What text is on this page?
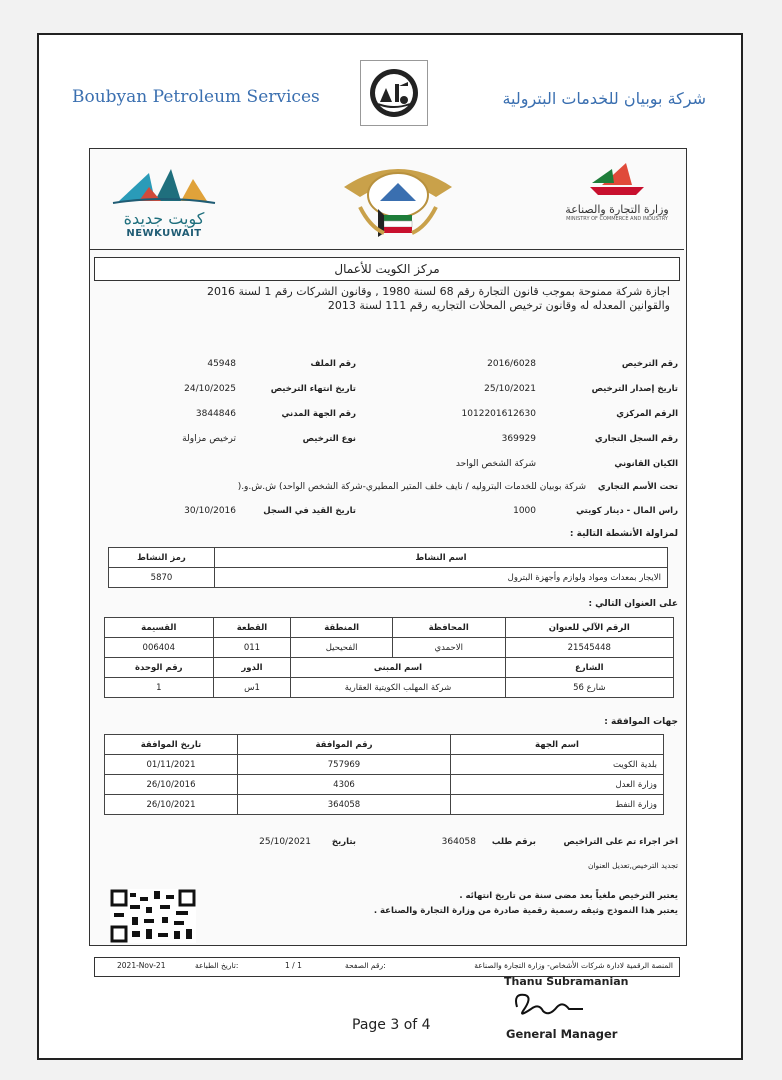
Boubyan Petroleum Services	شركة بوبيان للخدمات البترولية
كويت جديدة
NEWKUWAIT
وزارة التجارة والصناعة
MINISTRY OF COMMERCE AND INDUSTRY
مركز الكويت للأعمال
اجازة شركة ممنوحة بموجب قانون التجارة رقم 68 لسنة 1980 , وقانون الشركات رقم 1 لسنة 2016
والقوانين المعدله له وقانون ترخيص المحلات التجاريه رقم 111 لسنة 2013
رقم الترخيص
2016/6028
رقم الملف
45948
تاريخ إصدار الترخيص
25/10/2021
تاريخ انتهاء الترخيص
24/10/2025
الرقم المركزي
1012201612630
رقم الجهة المدني
3844846
رقم السجل التجاري
369929
نوع الترخيص
ترخيص مزاولة
الكيان القانوني
شركة الشخص الواحد
تحت الأسم التجاري
شركة بوبيان للخدمات البتروليه / نايف خلف المتير المطيري-شركة الشخص الواحد) ش.ش.و.(
راس المال - دينار كويتي
1000
تاريخ القيد في السجل
30/10/2016
لمزاولة الأنشطة التالية :
اسم النشاط	رمز النشاط
الايجار بمعدات ومواد ولوازم وأجهزة البترول	5870
على العنوان التالي :
الرقم الآلي للعنوان	المحافظة	المنطقة	القطعة	القسيمة
21545448	الاحمدي	الفحيحيل	011	006404
الشارع	اسم المبنى		الدور	رقم الوحدة
شارع 56	شركة المهلب الكويتية العقارية		1س	1
جهات الموافقة :
اسم الجهة	رقم الموافقة	تاريخ الموافقة
بلدية الكويت	757969	01/11/2021
وزارة العدل	4306	26/10/2016
وزارة النفط	364058	26/10/2021
اخر اجراء تم على التراخيص
برقم طلب
364058
بتاريخ
25/10/2021
تجديد الترخيص,تعديل العنوان
يعتبر الترخيص ملغياً بعد مضى سنة من تاريخ انتهائه .
يعتبر هذا النموذج وثيقه رسمية رقمية صادرة من وزارة التجارة والصناعة .
المنصة الرقمية لادارة شركات الأشخاص- وزارة التجارة والصناعة
رقم الصفحة:
1 / 1
تاريخ الطباعة:
2021-Nov-21
Thanu Subramanian
General Manager
Page 3 of 4
